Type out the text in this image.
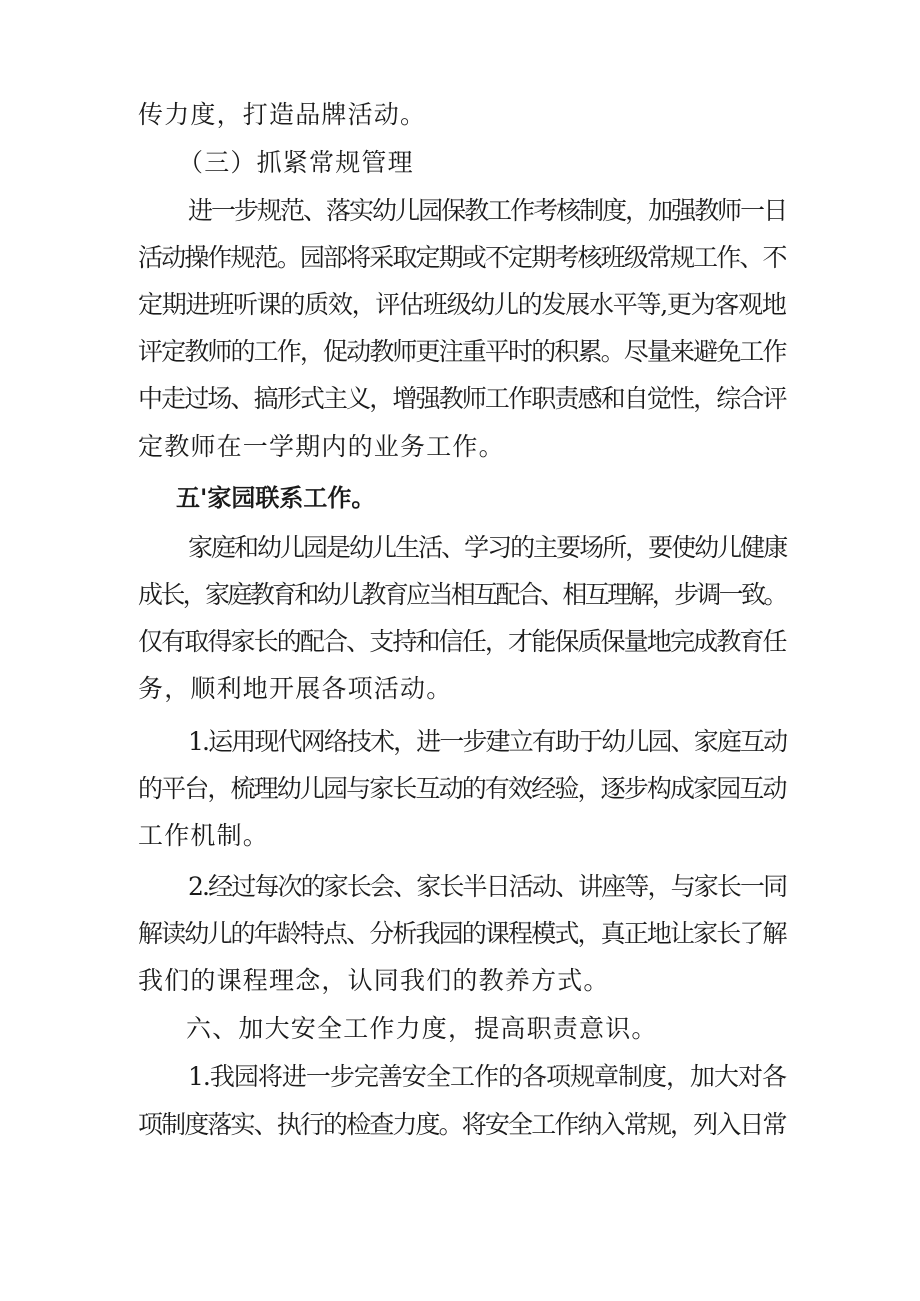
传力度，打造品牌活动。
（三）抓紧常规管理
进一步规范、落实幼儿园保教工作考核制度，加强教师一日
活动操作规范。园部将采取定期或不定期考核班级常规工作、不
定期进班听课的质效，评估班级幼儿的发展水平等,更为客观地
评定教师的工作，促动教师更注重平时的积累。尽量来避免工作
中走过场、搞形式主义，增强教师工作职责感和自觉性，综合评
定教师在一学期内的业务工作。
五'家园联系工作。
家庭和幼儿园是幼儿生活、学习的主要场所，要使幼儿健康
成长，家庭教育和幼儿教育应当相互配合、相互理解，步调一致。
仅有取得家长的配合、支持和信任，才能保质保量地完成教育任
务，顺利地开展各项活动。
1.运用现代网络技术，进一步建立有助于幼儿园、家庭互动
的平台，梳理幼儿园与家长互动的有效经验，逐步构成家园互动
工作机制。
2.经过每次的家长会、家长半日活动、讲座等，与家长一同
解读幼儿的年龄特点、分析我园的课程模式，真正地让家长了解
我们的课程理念，认同我们的教养方式。
六、加大安全工作力度，提高职责意识。
1.我园将进一步完善安全工作的各项规章制度，加大对各
项制度落实、执行的检查力度。将安全工作纳入常规，列入日常
